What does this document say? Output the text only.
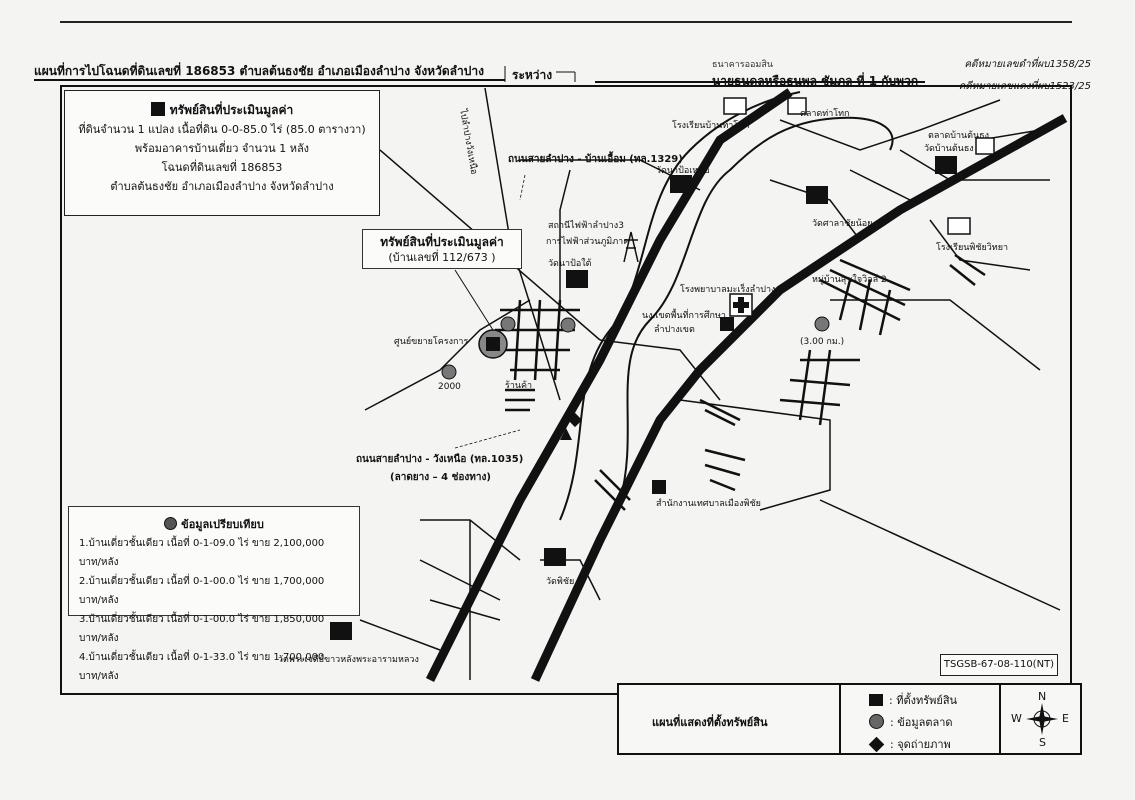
แผนที่การไปโฉนดที่ดินเลขที่ 186853 ตำบลต้นธงชัย อำเภอเมืองลำปาง จังหวัดลำปาง ระหว่าง
ธนาคารออมสิน
นายธนดลหรือธนพล ชัมภล ที่ 1 กับพวก
คดีหมายเลขดำที่ผบ1358/25
คดีหมายเลขแดงที่ผบ1523/25
ทรัพย์สินที่ประเมินมูลค่า
ที่ดินจำนวน 1 แปลง เนื้อที่ดิน 0-0-85.0 ไร่ (85.0 ตารางวา)
พร้อมอาคารบ้านเดี่ยว จำนวน 1 หลัง
โฉนดที่ดินเลขที่ 186853
ตำบลต้นธงชัย อำเภอเมืองลำปาง จังหวัดลำปาง
ทรัพย์สินที่ประเมินมูลค่า
(บ้านเลขที่ 112/673 )
ข้อมูลเปรียบเทียบ
1.บ้านเดี่ยวชั้นเดียว เนื้อที่ 0-1-09.0 ไร่ ขาย 2,100,000 บาท/หลัง
2.บ้านเดี่ยวชั้นเดียว เนื้อที่ 0-1-00.0 ไร่ ขาย 1,700,000 บาท/หลัง
3.บ้านเดี่ยวชั้นเดียว เนื้อที่ 0-1-00.0 ไร่ ขาย 1,850,000 บาท/หลัง
4.บ้านเดี่ยวชั้นเดียว เนื้อที่ 0-1-33.0 ไร่ ขาย 1,700,000 บาท/หลัง
ถนนสายลำปาง - บ้านเอื้อม (ทล.1329)
ถนนสายลำปาง - วังเหนือ (ทล.1035)
(ลาดยาง – 4 ช่องทาง)
ไปลำปางวังเหนือ	โรงเรียนบ้านท่าโทก
ตลาดท่าโทก
ตลาดบ้านต้นธง
วัดบ้านต้นธง
วัดนาป้อเหนือ
วัดนาป้อใต้
วัดศาลาชัยน้อย
โรงเรียนพิชัยวิทยา
สถานีไฟฟ้าลำปาง3
การไฟฟ้าส่วนภูมิภาค
โรงพยาบาลมะเร็งลำปาง
นง.เขตพื้นที่การศึกษา
ลำปางเขต
หมู่บ้านสุขใจวิลล์ 2
(3.00 กม.)
ศูนย์ขยายโครงการ
2000	ร้านค้า
สำนักงานเทศบาลเมืองพิชัย
วัดพิชัย
วัดพระเจดีย์ขาวหลังพระอารามหลวง	TSGSB-67-08-110(NT)
แผนที่แสดงที่ตั้งทรัพย์สิน
: ที่ตั้งทรัพย์สิน
: ข้อมูลตลาด
: จุดถ่ายภาพ
N
S
E
W
